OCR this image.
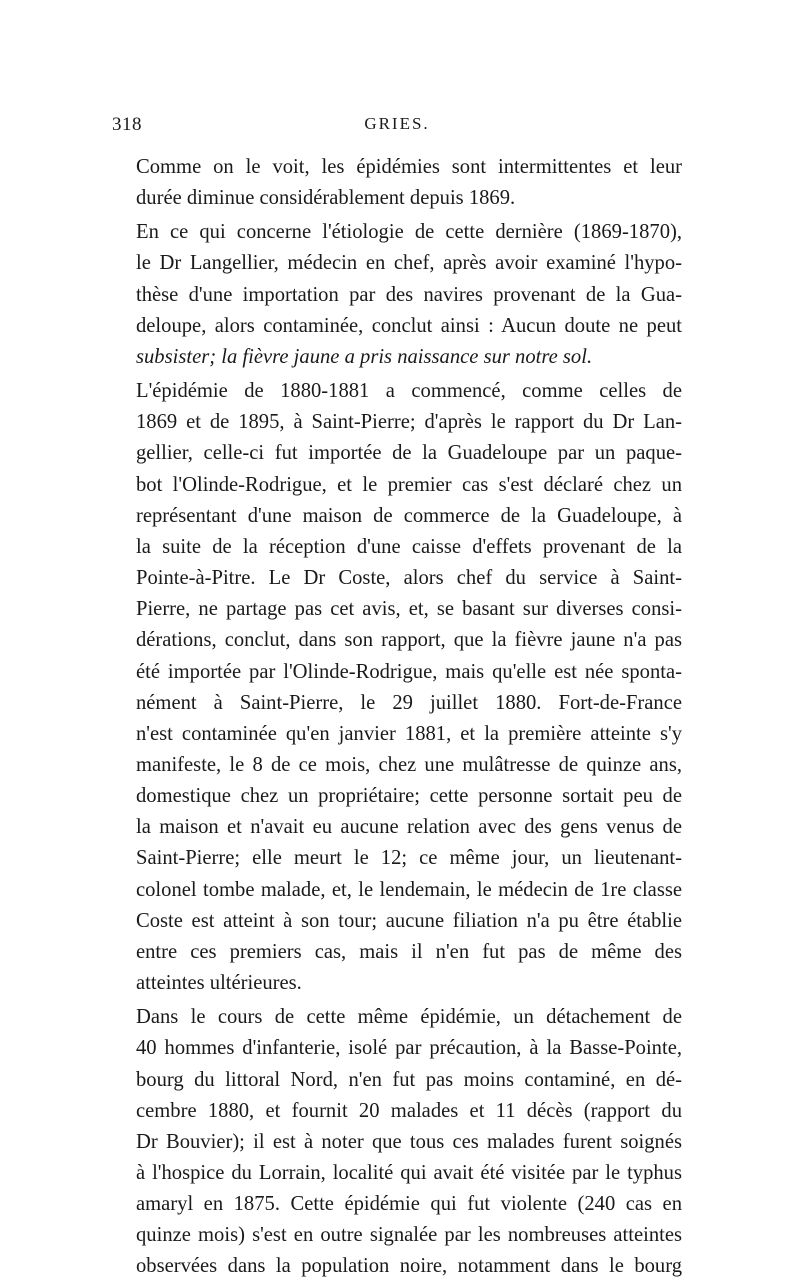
318	GRIES.

Comme on le voit, les épidémies sont intermittentes et leur
durée diminue considérablement depuis 1869.

En ce qui concerne l'étiologie de cette dernière (1869-1870),
le Dr Langellier, médecin en chef, après avoir examiné l'hypo-
thèse d'une importation par des navires provenant de la Gua-
deloupe, alors contaminée, conclut ainsi : Aucun doute ne peut
subsister; la fièvre jaune a pris naissance sur notre sol.

L'épidémie de 1880-1881 a commencé, comme celles de
1869 et de 1895, à Saint-Pierre; d'après le rapport du Dr Lan-
gellier, celle-ci fut importée de la Guadeloupe par un paque-
bot l'Olinde-Rodrigue, et le premier cas s'est déclaré chez un
représentant d'une maison de commerce de la Guadeloupe, à
la suite de la réception d'une caisse d'effets provenant de la
Pointe-à-Pitre. Le Dr Coste, alors chef du service à Saint-
Pierre, ne partage pas cet avis, et, se basant sur diverses consi-
dérations, conclut, dans son rapport, que la fièvre jaune n'a pas
été importée par l'Olinde-Rodrigue, mais qu'elle est née sponta-
nément à Saint-Pierre, le 29 juillet 1880. Fort-de-France
n'est contaminée qu'en janvier 1881, et la première atteinte s'y
manifeste, le 8 de ce mois, chez une mulâtresse de quinze ans,
domestique chez un propriétaire; cette personne sortait peu de
la maison et n'avait eu aucune relation avec des gens venus de
Saint-Pierre; elle meurt le 12; ce même jour, un lieutenant-
colonel tombe malade, et, le lendemain, le médecin de 1re classe
Coste est atteint à son tour; aucune filiation n'a pu être établie
entre ces premiers cas, mais il n'en fut pas de même des
atteintes ultérieures.

Dans le cours de cette même épidémie, un détachement de
40 hommes d'infanterie, isolé par précaution, à la Basse-Pointe,
bourg du littoral Nord, n'en fut pas moins contaminé, en dé-
cembre 1880, et fournit 20 malades et 11 décès (rapport du
Dr Bouvier); il est à noter que tous ces malades furent soignés
à l'hospice du Lorrain, localité qui avait été visitée par le typhus
amaryl en 1875. Cette épidémie qui fut violente (240 cas en
quinze mois) s'est en outre signalée par les nombreuses atteintes
observées dans la population noire, notamment dans le bourg
